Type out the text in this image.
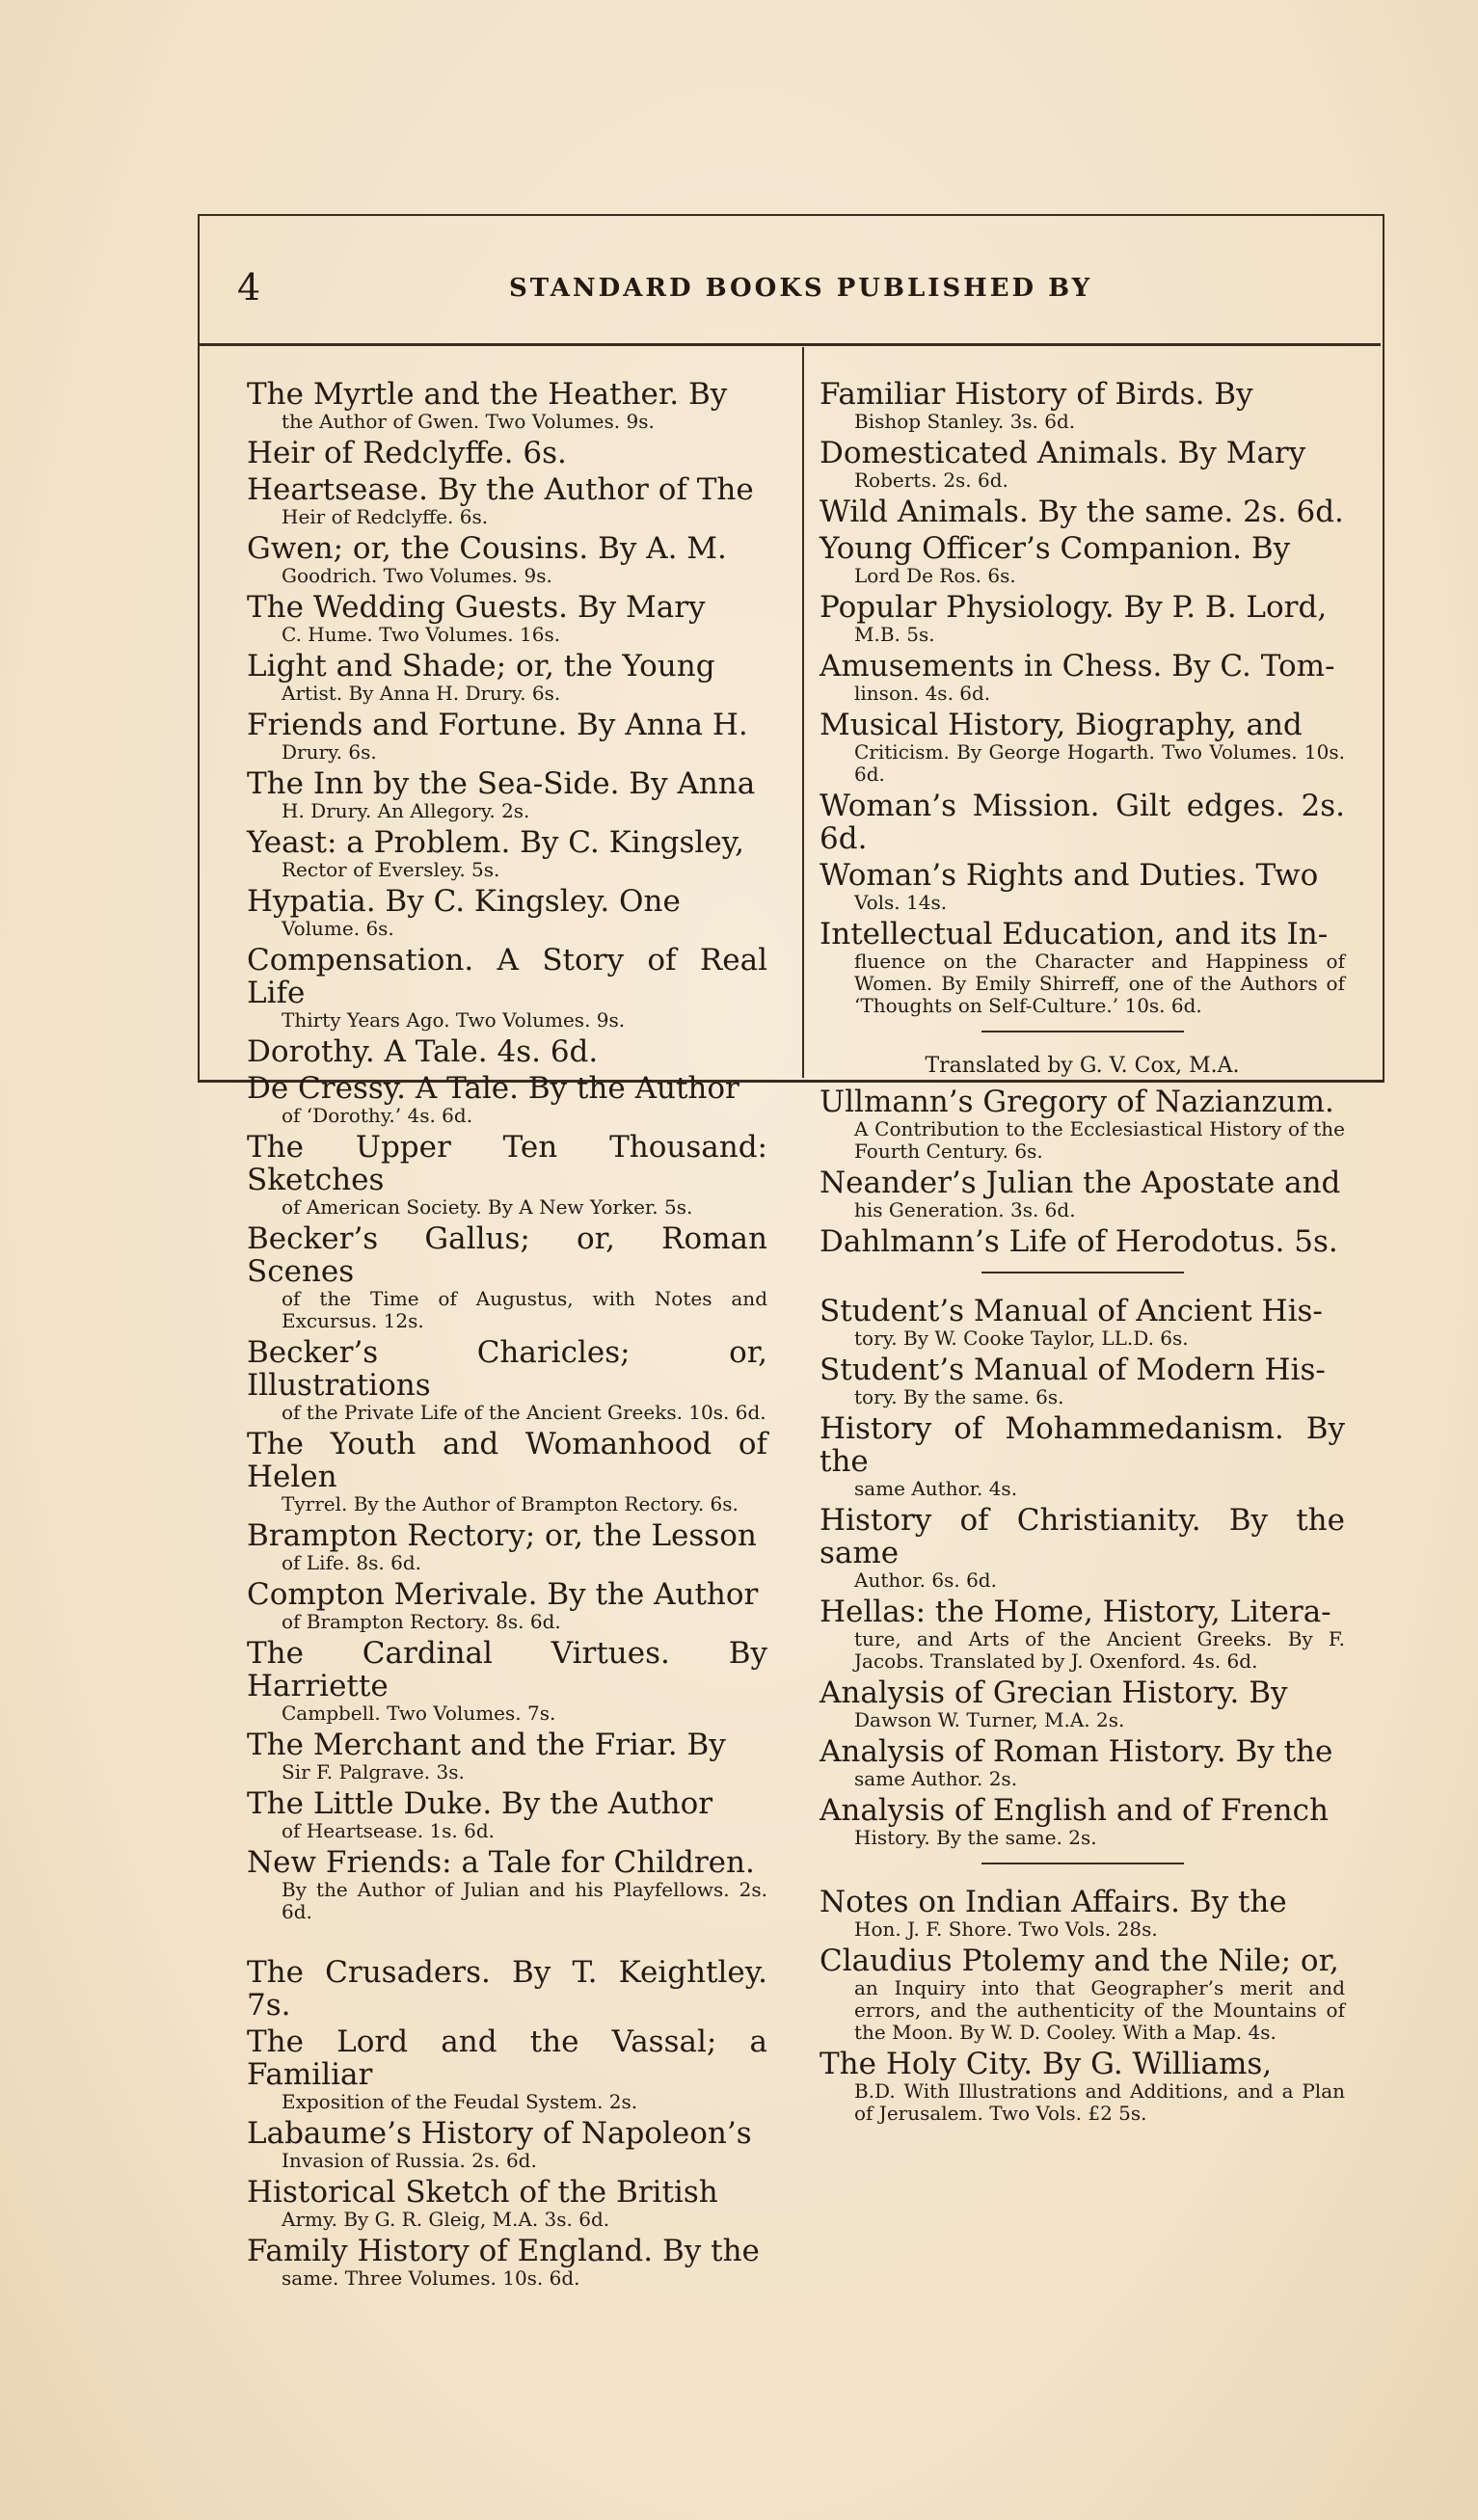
4	STANDARD BOOKS PUBLISHED BY
The Myrtle and the Heather. By
the Author of Gwen. Two Volumes. 9s.
Heir of Redclyffe. 6s.
Heartsease. By the Author of The
Heir of Redclyffe. 6s.
Gwen; or, the Cousins. By A. M.
Goodrich. Two Volumes. 9s.
The Wedding Guests. By Mary
C. Hume. Two Volumes. 16s.
Light and Shade; or, the Young
Artist. By Anna H. Drury. 6s.
Friends and Fortune. By Anna H.
Drury. 6s.
The Inn by the Sea-Side. By Anna
H. Drury. An Allegory. 2s.
Yeast: a Problem. By C. Kingsley,
Rector of Eversley. 5s.
Hypatia. By C. Kingsley. One
Volume. 6s.
Compensation. A Story of Real Life
Thirty Years Ago. Two Volumes. 9s.
Dorothy. A Tale. 4s. 6d.
De Cressy. A Tale. By the Author
of ‘Dorothy.’ 4s. 6d.
The Upper Ten Thousand: Sketches
of American Society. By A New Yorker. 5s.
Becker’s Gallus; or, Roman Scenes
of the Time of Augustus, with Notes and Excursus. 12s.
Becker’s Charicles; or, Illustrations
of the Private Life of the Ancient Greeks. 10s. 6d.
The Youth and Womanhood of Helen
Tyrrel. By the Author of Brampton Rectory. 6s.
Brampton Rectory; or, the Lesson
of Life. 8s. 6d.
Compton Merivale. By the Author
of Brampton Rectory. 8s. 6d.
The Cardinal Virtues. By Harriette
Campbell. Two Volumes. 7s.
The Merchant and the Friar. By
Sir F. Palgrave. 3s.
The Little Duke. By the Author
of Heartsease. 1s. 6d.
New Friends: a Tale for Children.
By the Author of Julian and his Playfellows. 2s. 6d.
The Crusaders. By T. Keightley. 7s.
The Lord and the Vassal; a Familiar
Exposition of the Feudal System. 2s.
Labaume’s History of Napoleon’s
Invasion of Russia. 2s. 6d.
Historical Sketch of the British
Army. By G. R. Gleig, M.A. 3s. 6d.
Family History of England. By the
same. Three Volumes. 10s. 6d.
Familiar History of Birds. By
Bishop Stanley. 3s. 6d.
Domesticated Animals. By Mary
Roberts. 2s. 6d.
Wild Animals. By the same. 2s. 6d.
Young Officer’s Companion. By
Lord De Ros. 6s.
Popular Physiology. By P. B. Lord,
M.B. 5s.
Amusements in Chess. By C. Tom-
linson. 4s. 6d.
Musical History, Biography, and
Criticism. By George Hogarth. Two Volumes. 10s. 6d.
Woman’s Mission. Gilt edges. 2s. 6d.
Woman’s Rights and Duties. Two
Vols. 14s.
Intellectual Education, and its In-
fluence on the Character and Happiness of Women. By Emily Shirreff, one of the Authors of ‘Thoughts on Self-Culture.’ 10s. 6d.
Translated by G. V. Cox, M.A.
Ullmann’s Gregory of Nazianzum.
A Contribution to the Ecclesiastical History of the Fourth Century. 6s.
Neander’s Julian the Apostate and
his Generation. 3s. 6d.
Dahlmann’s Life of Herodotus. 5s.
Student’s Manual of Ancient His-
tory. By W. Cooke Taylor, LL.D. 6s.
Student’s Manual of Modern His-
tory. By the same. 6s.
History of Mohammedanism. By the
same Author. 4s.
History of Christianity. By the same
Author. 6s. 6d.
Hellas: the Home, History, Litera-
ture, and Arts of the Ancient Greeks. By F. Jacobs. Translated by J. Oxenford. 4s. 6d.
Analysis of Grecian History. By
Dawson W. Turner, M.A. 2s.
Analysis of Roman History. By the
same Author. 2s.
Analysis of English and of French
History. By the same. 2s.
Notes on Indian Affairs. By the
Hon. J. F. Shore. Two Vols. 28s.
Claudius Ptolemy and the Nile; or,
an Inquiry into that Geographer’s merit and errors, and the authenticity of the Mountains of the Moon. By W. D. Cooley. With a Map. 4s.
The Holy City. By G. Williams,
B.D. With Illustrations and Additions, and a Plan of Jerusalem. Two Vols. £2 5s.
